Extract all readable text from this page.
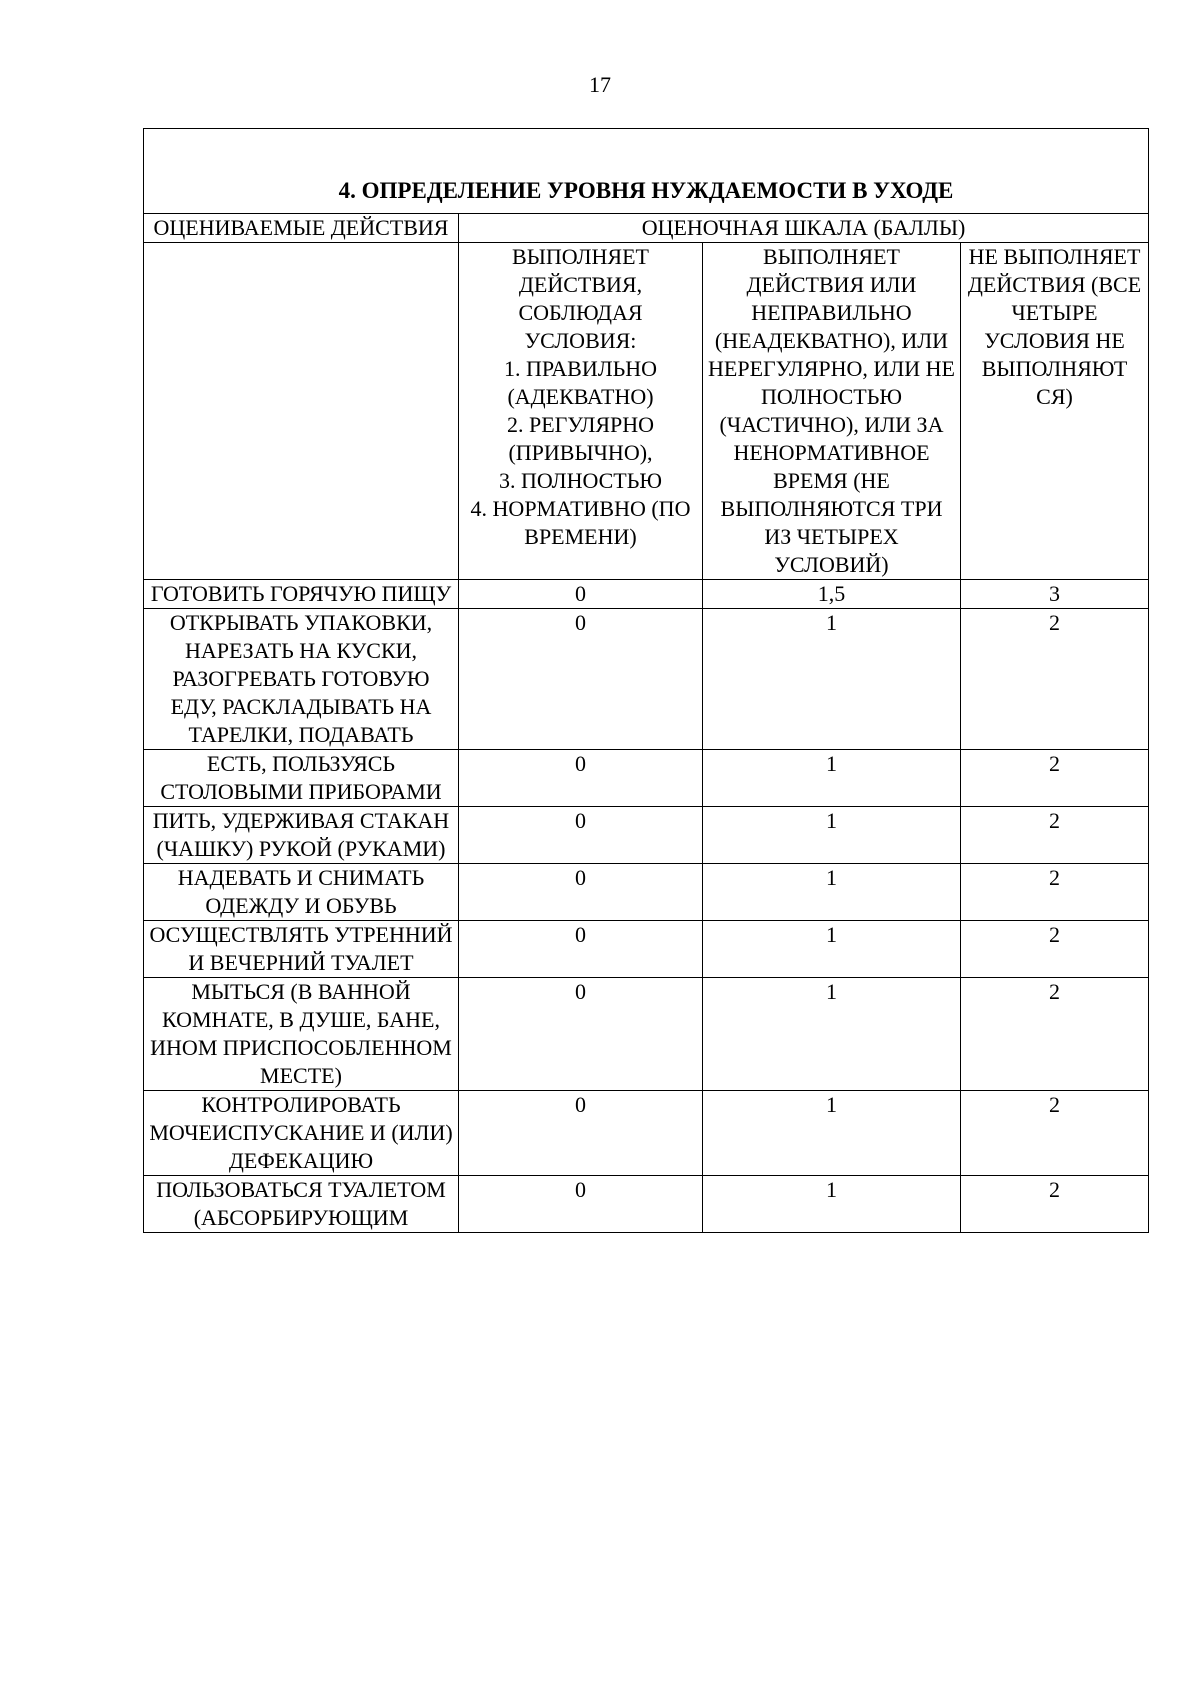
17
4. ОПРЕДЕЛЕНИЕ УРОВНЯ НУЖДАЕМОСТИ В УХОДЕ			
ОЦЕНИВАЕМЫЕ ДЕЙСТВИЯ	ОЦЕНОЧНАЯ ШКАЛА (БАЛЛЫ)		

	ВЫПОЛНЯЕТ ДЕЙСТВИЯ, СОБЛЮДАЯ УСЛОВИЯ:
1. ПРАВИЛЬНО (АДЕКВАТНО)
2. РЕГУЛЯРНО (ПРИВЫЧНО),
3. ПОЛНОСТЬЮ
4. НОРМАТИВНО (ПО ВРЕМЕНИ)	ВЫПОЛНЯЕТ ДЕЙСТВИЯ ИЛИ НЕПРАВИЛЬНО (НЕАДЕКВАТНО), ИЛИ НЕРЕГУЛЯРНО, ИЛИ НЕ ПОЛНОСТЬЮ (ЧАСТИЧНО), ИЛИ ЗА НЕНОРМАТИВНОЕ ВРЕМЯ (НЕ ВЫПОЛНЯЮТСЯ ТРИ ИЗ ЧЕТЫРЕХ УСЛОВИЙ)	НЕ ВЫПОЛНЯЕТ ДЕЙСТВИЯ (ВСЕ ЧЕТЫРЕ УСЛОВИЯ НЕ ВЫПОЛНЯЮТ СЯ)

ГОТОВИТЬ ГОРЯЧУЮ ПИЩУ	0	1,5	3
ОТКРЫВАТЬ УПАКОВКИ, НАРЕЗАТЬ НА КУСКИ, РАЗОГРЕВАТЬ ГОТОВУЮ ЕДУ, РАСКЛАДЫВАТЬ НА ТАРЕЛКИ, ПОДАВАТЬ	0	1	2
ЕСТЬ, ПОЛЬЗУЯСЬ СТОЛОВЫМИ ПРИБОРАМИ	0	1	2
ПИТЬ, УДЕРЖИВАЯ СТАКАН (ЧАШКУ) РУКОЙ (РУКАМИ)	0	1	2
НАДЕВАТЬ И СНИМАТЬ ОДЕЖДУ И ОБУВЬ	0	1	2
ОСУЩЕСТВЛЯТЬ УТРЕННИЙ И ВЕЧЕРНИЙ ТУАЛЕТ	0	1	2
МЫТЬСЯ (В ВАННОЙ КОМНАТЕ, В ДУШЕ, БАНЕ, ИНОМ ПРИСПОСОБЛЕННОМ МЕСТЕ)	0	1	2
КОНТРОЛИРОВАТЬ МОЧЕИСПУСКАНИЕ И (ИЛИ) ДЕФЕКАЦИЮ	0	1	2
ПОЛЬЗОВАТЬСЯ ТУАЛЕТОМ (АБСОРБИРУЮЩИМ	0	1	2
